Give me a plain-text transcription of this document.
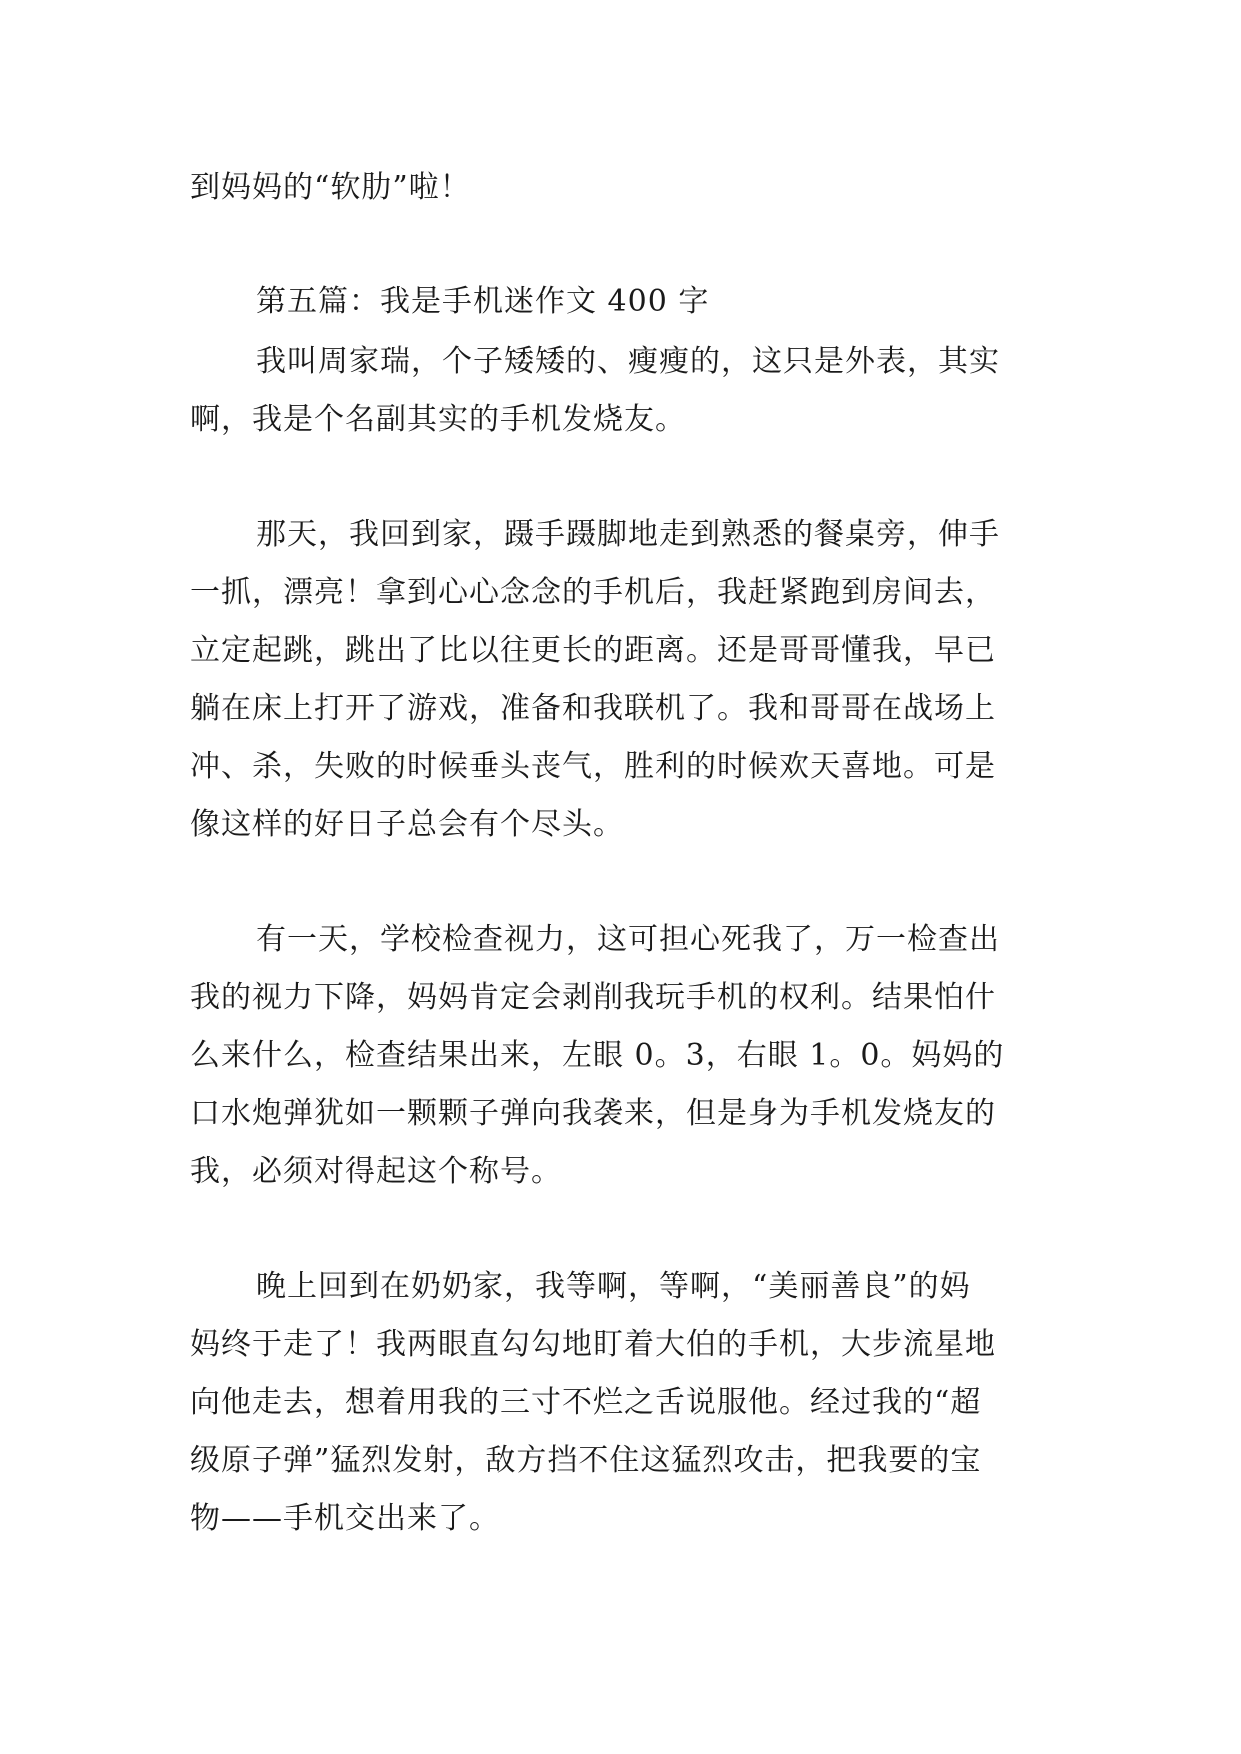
到妈妈的“软肋”啦！
第五篇：我是手机迷作文 400 字
我叫周家瑞，个子矮矮的、瘦瘦的，这只是外表，其实
啊，我是个名副其实的手机发烧友。
那天，我回到家，蹑手蹑脚地走到熟悉的餐桌旁，伸手
一抓，漂亮！拿到心心念念的手机后，我赶紧跑到房间去，
立定起跳，跳出了比以往更长的距离。还是哥哥懂我，早已
躺在床上打开了游戏，准备和我联机了。我和哥哥在战场上
冲、杀，失败的时候垂头丧气，胜利的时候欢天喜地。可是
像这样的好日子总会有个尽头。
有一天，学校检查视力，这可担心死我了，万一检查出
我的视力下降，妈妈肯定会剥削我玩手机的权利。结果怕什
么来什么，检查结果出来，左眼 0。3，右眼 1。0。妈妈的
口水炮弹犹如一颗颗子弹向我袭来，但是身为手机发烧友的
我，必须对得起这个称号。
晚上回到在奶奶家，我等啊，等啊，“美丽善良”的妈
妈终于走了！我两眼直勾勾地盯着大伯的手机，大步流星地
向他走去，想着用我的三寸不烂之舌说服他。经过我的“超
级原子弹”猛烈发射，敌方挡不住这猛烈攻击，把我要的宝
物——手机交出来了。
